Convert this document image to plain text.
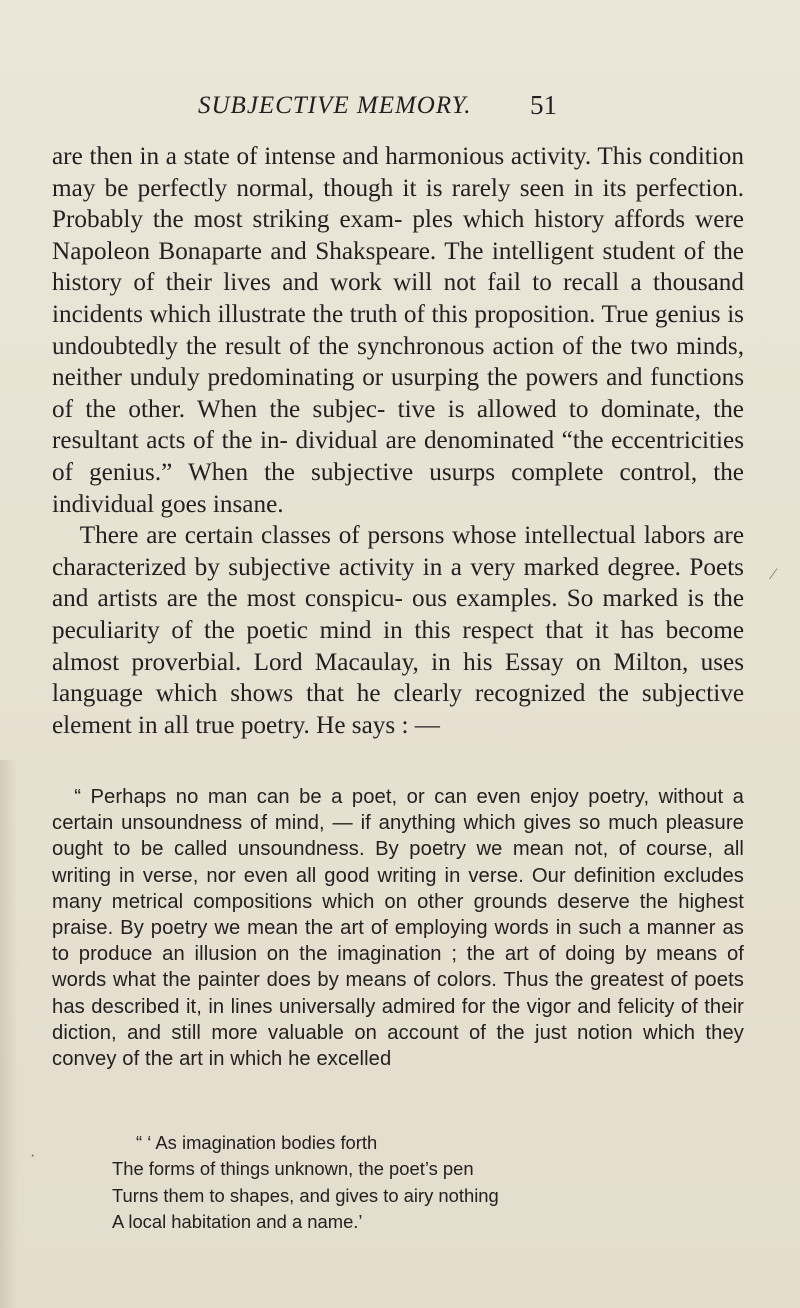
SUBJECTIVE MEMORY. 51

are then in a state of intense and harmonious activity. This condition may be perfectly normal, though it is rarely seen in its perfection. Probably the most striking exam- ples which history affords were Napoleon Bonaparte and Shakspeare. The intelligent student of the history of their lives and work will not fail to recall a thousand incidents which illustrate the truth of this proposition. True genius is undoubtedly the result of the synchronous action of the two minds, neither unduly predominating or usurping the powers and functions of the other. When the subjec- tive is allowed to dominate, the resultant acts of the in- dividual are denominated “the eccentricities of genius.” When the subjective usurps complete control, the individual goes insane.

There are certain classes of persons whose intellectual labors are characterized by subjective activity in a very marked degree. Poets and artists are the most conspicu- ous examples. So marked is the peculiarity of the poetic mind in this respect that it has become almost proverbial. Lord Macaulay, in his Essay on Milton, uses language which shows that he clearly recognized the subjective element in all true poetry. He says : —

“ Perhaps no man can be a poet, or can even enjoy poetry, without a certain unsoundness of mind, — if anything which gives so much pleasure ought to be called unsoundness. By poetry we mean not, of course, all writing in verse, nor even all good writing in verse. Our definition excludes many metrical compositions which on other grounds deserve the highest praise. By poetry we mean the art of employing words in such a manner as to produce an illusion on the imagination ; the art of doing by means of words what the painter does by means of colors. Thus the greatest of poets has described it, in lines universally admired for the vigor and felicity of their diction, and still more valuable on account of the just notion which they convey of the art in which he excelled

“ ‘ As imagination bodies forth
The forms of things unknown, the poet’s pen
Turns them to shapes, and gives to airy nothing
A local habitation and a name.’
⁄
·
